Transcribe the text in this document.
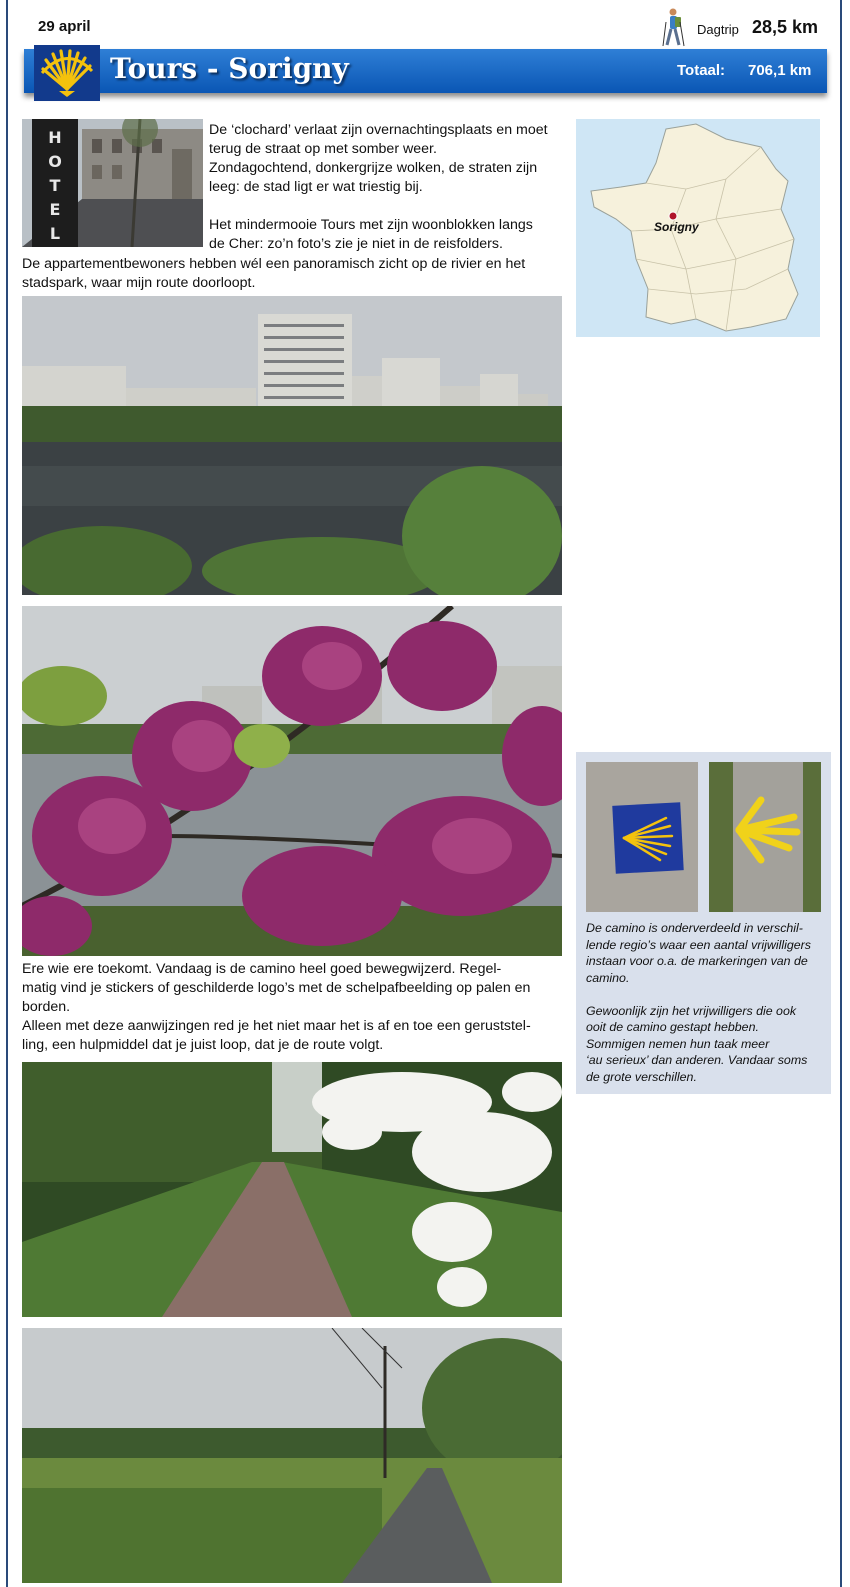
29 april	Dagtrip 28,5 km
Tours - Sorigny	Totaal: 706,1 km
H
O
T
E
L
De ‘clochard’ verlaat zijn overnachtingsplaats en moet
terug de straat op met somber weer.
Zondagochtend, donkergrijze wolken, de straten zijn
leeg: de stad ligt er wat triestig bij.
Het mindermooie Tours met zijn woonblokken langs
de Cher: zo’n foto’s zie je niet in de reisfolders.
De appartementbewoners hebben wél een panoramisch zicht op de rivier en het
stadspark, waar mijn route doorloopt.
Sorigny
Ere wie ere toekomt. Vandaag is de camino heel goed bewegwijzerd. Regel-
matig vind je stickers of geschilderde logo’s met de schelpafbeelding op palen en
borden.
Alleen met deze aanwijzingen red je het niet maar het is af en toe een geruststel-
ling, een hulpmiddel dat je juist loop, dat je de route volgt.
De camino is onderverdeeld in verschil-
lende regio’s waar een aantal vrijwilligers
instaan voor o.a. de markeringen van de
camino.
Gewoonlijk zijn het vrijwilligers die ook
ooit de camino gestapt hebben.
Sommigen nemen hun taak meer
‘au serieux’ dan anderen. Vandaar soms
de grote verschillen.
